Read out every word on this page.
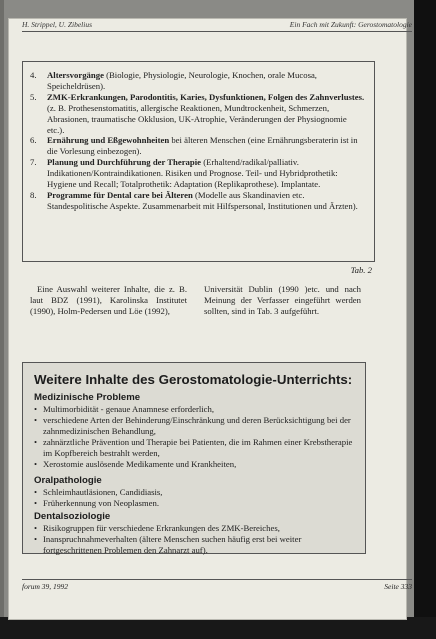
H. Strippel, U. Zibelius	Ein Fach mit Zukunft: Gerostomatologie
4. Altersvorgänge (Biologie, Physiologie, Neurologie, Knochen, orale Mucosa, Speicheldrüsen).
5. ZMK-Erkrankungen, Parodontitis, Karies, Dysfunktionen, Folgen des Zahnverlustes. (z. B. Prothesenstomatitis, allergische Reaktionen, Mundtrockenheit, Schmerzen, Abrasionen, traumatische Okklusion, UK-Atrophie, Veränderungen der Physiognomie etc.).
6. Ernährung und Eßgewohnheiten bei älteren Menschen (eine Ernährungsberaterin ist in die Vorlesung einbezogen).
7. Planung und Durchführung der Therapie (Erhaltend/radikal/palliativ. Indikationen/Kontraindikationen. Risiken und Prognose. Teil- und Hybridprothetik: Hygiene und Recall; Totalprothetik: Adaptation (Replikaprothese). Implantate.
8. Programme für Dental care bei Älteren (Modelle aus Skandinavien etc. Standespolitische Aspekte. Zusammenarbeit mit Hilfspersonal, Institutionen und Ärzten).
Tab. 2
Eine Auswahl weiterer Inhalte, die z. B. laut BDZ (1991), Karolinska Institutet (1990), Holm-Pedersen und Löe (1992),
Universität Dublin (1990 )etc. und nach Meinung der Verfasser eingeführt werden sollten, sind in Tab. 3 aufgeführt.
Weitere Inhalte des Gerostomatologie-Unterrichts:
Medizinische Probleme
• Multimorbidität - genaue Anamnese erforderlich,
• verschiedene Arten der Behinderung/Einschränkung und deren Berücksichtigung bei der zahnmedizinischen Behandlung,
• zahnärztliche Prävention und Therapie bei Patienten, die im Rahmen einer Krebstherapie im Kopfbereich bestrahlt werden,
• Xerostomie auslösende Medikamente und Krankheiten,
Oralpathologie
• Schleimhautläsionen, Candidiasis,
• Früherkennung von Neoplasmen.
Dentalsoziologie
• Risikogruppen für verschiedene Erkrankungen des ZMK-Bereiches,
• Inanspruchnahmeverhalten (ältere Menschen suchen häufig erst bei weiter fortgeschrittenen Problemen den Zahnarzt auf).
forum 39, 1992	Seite 333
